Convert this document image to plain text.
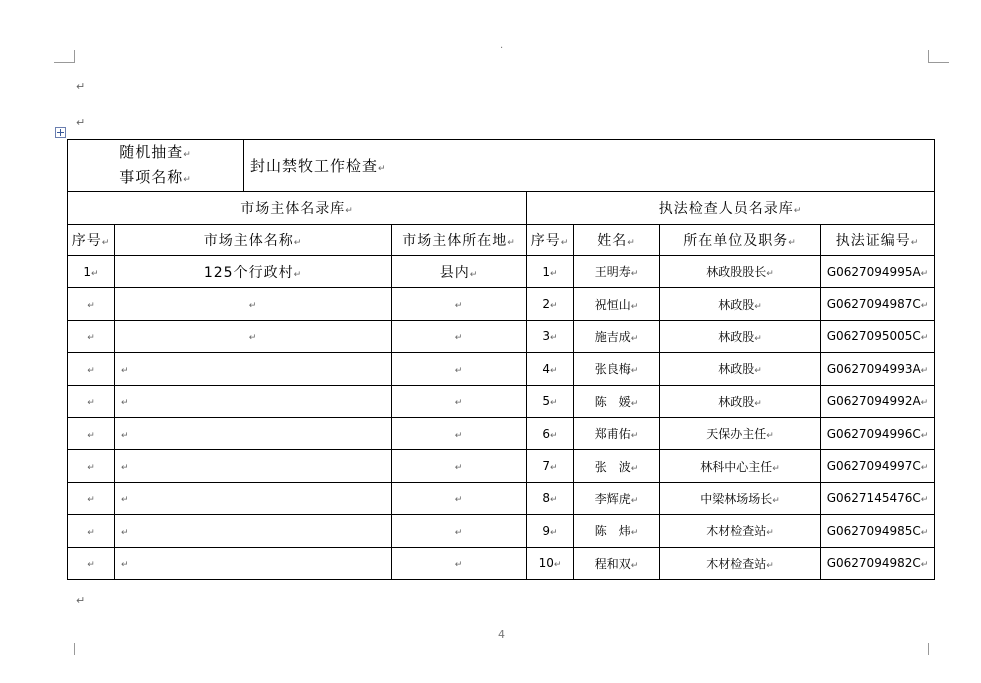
·
↵
↵
随机抽查↵
事项名称↵		封山禁牧工作检查↵					
市场主体名录库↵				执法检查人员名录库↵			
序号↵	市场主体名称↵		市场主体所在地↵	序号↵	姓名↵	所在单位及职务↵	执法证编号↵
1↵	125个行政村↵		县内↵	1↵	王明寿↵	林政股股长↵	G0627094995A↵
↵	↵		↵	2↵	祝恒山↵	林政股↵	G0627094987C↵
↵	↵		↵	3↵	施吉成↵	林政股↵	G0627095005C↵
↵	↵		↵	4↵	张良梅↵	林政股↵	G0627094993A↵
↵	↵		↵	5↵	陈　媛↵	林政股↵	G0627094992A↵
↵	↵		↵	6↵	郑甫佑↵	天保办主任↵	G0627094996C↵
↵	↵		↵	7↵	张　波↵	林科中心主任↵	G0627094997C↵
↵	↵		↵	8↵	李辉虎↵	中梁林场场长↵	G0627145476C↵
↵	↵		↵	9↵	陈　炜↵	木材检查站↵	G0627094985C↵
↵	↵		↵	10↵	程和双↵	木材检查站↵	G0627094982C↵
↵
4
